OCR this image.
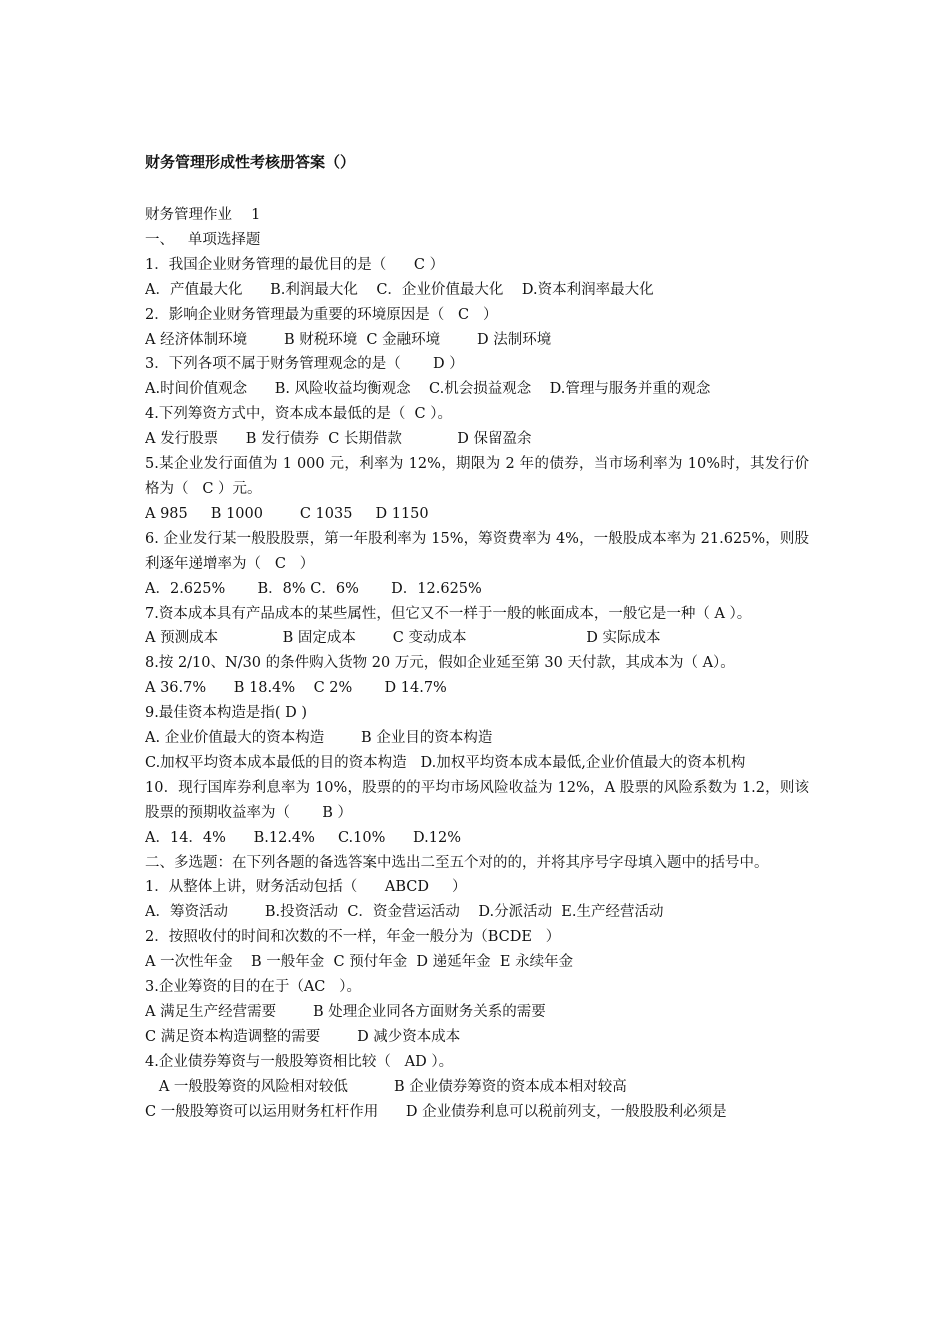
财务管理形成性考核册答案（）

财务管理作业　 1

一、   单项选择题

1．我国企业财务管理的最优目的是（      C ）

A．产值最大化      B.利润最大化    C．企业价值最大化    D.资本利润率最大化

2．影响企业财务管理最为重要的环境原因是（   C   ）

A 经济体制环境        B 财税环境  C 金融环境        D 法制环境

3．下列各项不属于财务管理观念的是（       D ）

A.时间价值观念      B. 风险收益均衡观念    C.机会损益观念    D.管理与服务并重的观念

4.下列筹资方式中，资本成本最低的是（  C ）。

A 发行股票      B 发行债券  C 长期借款            D 保留盈余

5.某企业发行面值为 1 000 元，利率为 12%，期限为 2 年的债券，当市场利率为 10%时，其发行价格为（   C ）元。

A 985     B 1000        C 1035     D 1150

6. 企业发行某一般股股票，第一年股利率为 15%，筹资费率为 4%，一般股成本率为 21.625%，则股利逐年递增率为（   C   ）

A．2.625%       B．8% C．6%       D．12.625%

7.资本成本具有产品成本的某些属性，但它又不一样于一般的帐面成本，一般它是一种（ A ）。

A 预测成本              B 固定成本        C 变动成本                          D 实际成本

8.按 2/10、N/30 的条件购入货物 20 万元，假如企业延至第 30 天付款，其成本为（ A）。

A 36.7%      B 18.4%    C 2%       D 14.7%

9.最佳资本构造是指( D )

A. 企业价值最大的资本构造        B 企业目的资本构造

C.加权平均资本成本最低的目的资本构造   D.加权平均资本成本最低,企业价值最大的资本机构

10．现行国库券利息率为 10%，股票的的平均市场风险收益为 12%，A 股票的风险系数为 1.2，则该股票的预期收益率为（       B ）

A．14．4%      B.12.4%     C.10%      D.12%

二、多选题：在下列各题的备选答案中选出二至五个对的的，并将其序号字母填入题中的括号中。

1．从整体上讲，财务活动包括（      ABCD     ）

A．筹资活动        B.投资活动  C．资金营运活动    D.分派活动  E.生产经营活动

2．按照收付的时间和次数的不一样，年金一般分为（BCDE   ）

A 一次性年金    B 一般年金  C 预付年金  D 递延年金  E 永续年金

3.企业筹资的目的在于（AC   ）。

A 满足生产经营需要        B 处理企业同各方面财务关系的需要

C 满足资本构造调整的需要        D 减少资本成本

4.企业债券筹资与一般股筹资相比较（   AD ）。

A 一般股筹资的风险相对较低          B 企业债券筹资的资本成本相对较高

C 一般股筹资可以运用财务杠杆作用      D 企业债券利息可以税前列支，一般股股利必须是
